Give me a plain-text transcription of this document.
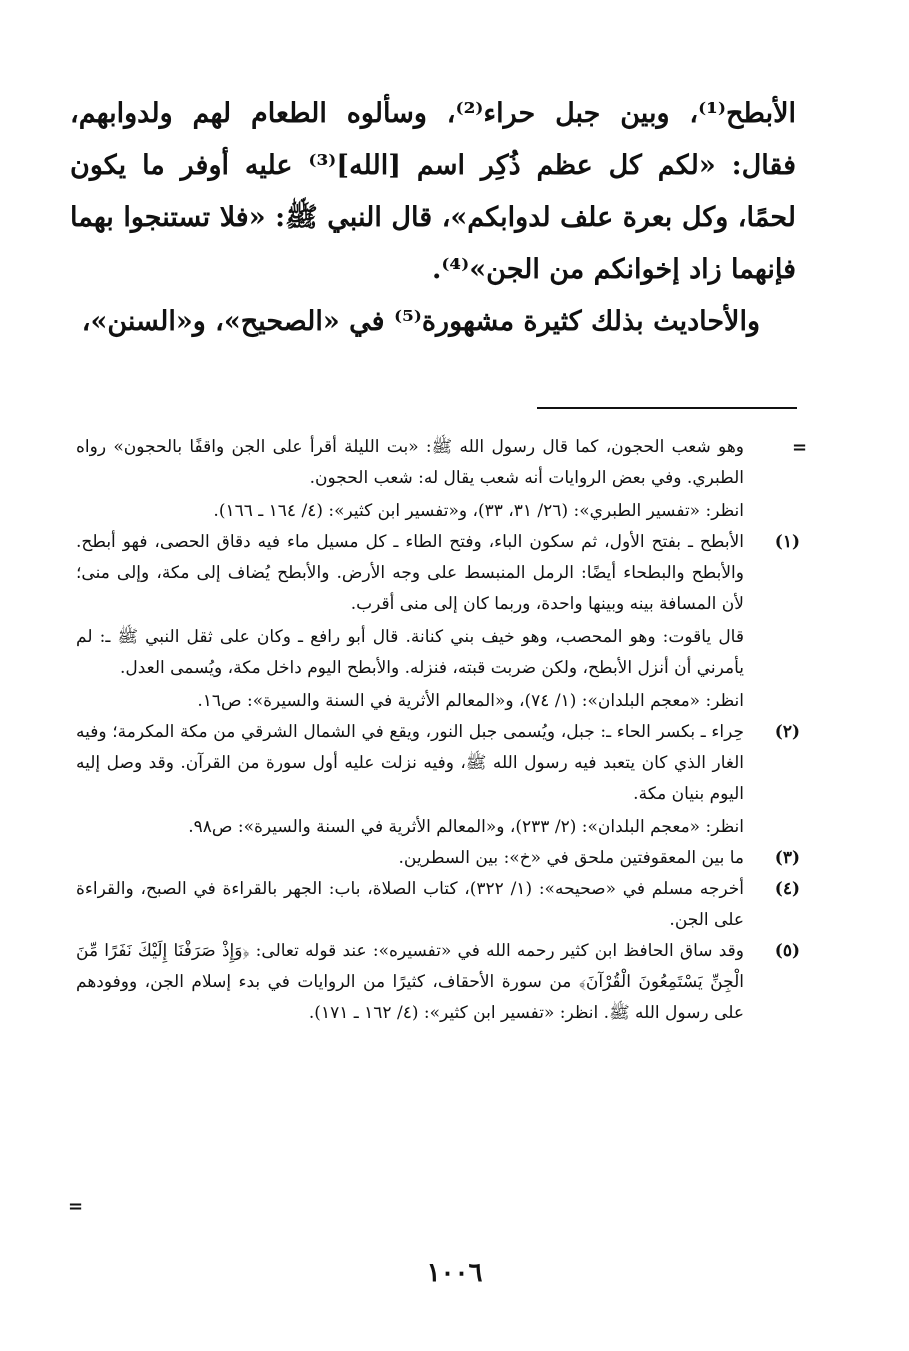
الأبطح⁽¹⁾، وبين جبل حراء⁽²⁾، وسألوه الطعام لهم ولدوابهم، فقال: «لكم كل عظم ذُكِر اسم [الله]⁽³⁾ عليه أوفر ما يكون لحمًا، وكل بعرة علف لدوابكم»، قال النبي ﷺ: «فلا تستنجوا بهما فإنهما زاد إخوانكم من الجن»⁽⁴⁾.

والأحاديث بذلك كثيرة مشهورة⁽⁵⁾ في «الصحيح»، و«السنن»،

=
وهو شعب الحجون، كما قال رسول الله ﷺ: «بت الليلة أقرأ على الجن واقفًا بالحجون» رواه الطبري. وفي بعض الروايات أنه شعب يقال له: شعب الحجون.
انظر: «تفسير الطبري»: (٢٦/ ٣١، ٣٣)، و«تفسير ابن كثير»: (٤/ ١٦٤ ـ ١٦٦).
(١)
الأبطح ـ بفتح الأول، ثم سكون الباء، وفتح الطاء ـ كل مسيل ماء فيه دقاق الحصى، فهو أبطح. والأبطح والبطحاء أيضًا: الرمل المنبسط على وجه الأرض. والأبطح يُضاف إلى مكة، وإلى منى؛ لأن المسافة بينه وبينها واحدة، وربما كان إلى منى أقرب.
قال ياقوت: وهو المحصب، وهو خيف بني كنانة. قال أبو رافع ـ وكان على ثقل النبي ﷺ ـ: لم يأمرني أن أنزل الأبطح، ولكن ضربت قبته، فنزله. والأبطح اليوم داخل مكة، ويُسمى العدل.
انظر: «معجم البلدان»: (١/ ٧٤)، و«المعالم الأثرية في السنة والسيرة»: ص١٦.
(٢)
حِراء ـ بكسر الحاء ـ: جبل، ويُسمى جبل النور، ويقع في الشمال الشرقي من مكة المكرمة؛ وفيه الغار الذي كان يتعبد فيه رسول الله ﷺ، وفيه نزلت عليه أول سورة من القرآن. وقد وصل إليه اليوم بنيان مكة.
انظر: «معجم البلدان»: (٢/ ٢٣٣)، و«المعالم الأثرية في السنة والسيرة»: ص٩٨.
(٣)
ما بين المعقوفتين ملحق في «خ»: بين السطرين.
(٤)
أخرجه مسلم في «صحيحه»: (١/ ٣٢٢)، كتاب الصلاة، باب: الجهر بالقراءة في الصبح، والقراءة على الجن.
(٥)
وقد ساق الحافظ ابن كثير رحمه الله في «تفسيره»: عند قوله تعالى: ﴿وَإِذْ صَرَفْنَا إِلَيْكَ نَفَرًا مِّنَ الْجِنِّ يَسْتَمِعُونَ الْقُرْآنَ﴾ من سورة الأحقاف، كثيرًا من الروايات في بدء إسلام الجن، ووفودهم على رسول الله ﷺ. انظر: «تفسير ابن كثير»: (٤/ ١٦٢ ـ ١٧١).
=
١٠٠٦
